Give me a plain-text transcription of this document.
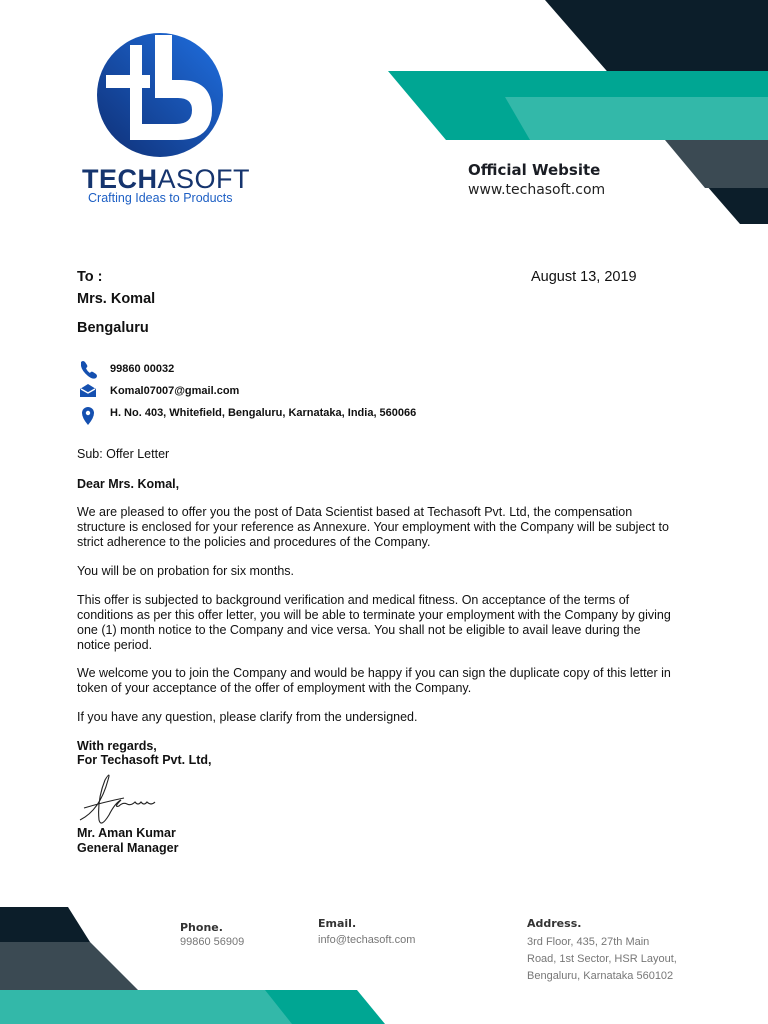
TECHASOFT
Crafting Ideas to Products
Official Website
www.techasoft.com
To :
Mrs. Komal
Bengaluru
August 13, 2019
99860 00032
Komal07007@gmail.com
H. No. 403, Whitefield, Bengaluru, Karnataka, India, 560066
Sub: Offer Letter
Dear Mrs. Komal,
We are pleased to offer you the post of Data Scientist based at Techasoft Pvt. Ltd, the compensation structure is enclosed for your reference as Annexure. Your employment with the Company will be subject to strict adherence to the policies and procedures of the Company.
You will be on probation for six months.
This offer is subjected to background verification and medical fitness. On acceptance of the terms of conditions as per this offer letter, you will be able to terminate your employment with the Company by giving one (1) month notice to the Company and vice versa. You shall not be eligible to avail leave during the notice period.
We welcome you to join the Company and would be happy if you can sign the duplicate copy of this letter in token of your acceptance of the offer of employment with the Company.
If you have any question, please clarify from the undersigned.
With regards,
For Techasoft Pvt. Ltd,
Mr. Aman Kumar
General Manager
Phone.
99860 56909
Email.
info@techasoft.com
Address.
3rd Floor, 435, 27th Main
Road, 1st Sector, HSR Layout,
Bengaluru, Karnataka 560102
